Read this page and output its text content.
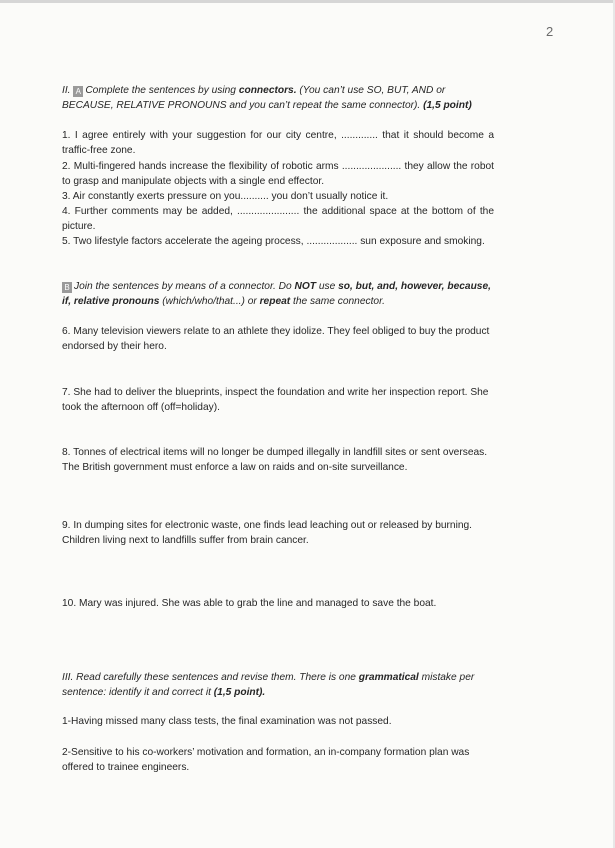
2

II. A Complete the sentences by using connectors. (You can’t use SO, BUT, AND or BECAUSE, RELATIVE PRONOUNS and you can’t repeat the same connector). (1,5 point)

1. I agree entirely with your suggestion for our city centre, ............. that it should become a traffic-free zone.

2. Multi-fingered hands increase the flexibility of robotic arms ..................... they allow the robot to grasp and manipulate objects with a single end effector.

3. Air constantly exerts pressure on you.......... you don’t usually notice it.

4. Further comments may be added, ...................... the additional space at the bottom of the picture.

5. Two lifestyle factors accelerate the ageing process, .................. sun exposure and smoking.

B Join the sentences by means of a connector. Do NOT use so, but, and, however, because, if, relative pronouns (which/who/that...) or repeat the same connector.

6. Many television viewers relate to an athlete they idolize. They feel obliged to buy the product endorsed by their hero.

7. She had to deliver the blueprints, inspect the foundation and write her inspection report. She took the afternoon off (off=holiday).

8. Tonnes of electrical items will no longer be dumped illegally in landfill sites or sent overseas. The British government must enforce a law on raids and on-site surveillance.

9. In dumping sites for electronic waste, one finds lead leaching out or released by burning. Children living next to landfills suffer from brain cancer.

10. Mary was injured. She was able to grab the line and managed to save the boat.

III. Read carefully these sentences and revise them. There is one grammatical mistake per sentence: identify it and correct it (1,5 point).

1-Having missed many class tests, the final examination was not passed.

2-Sensitive to his co-workers’ motivation and formation, an in-company formation plan was offered to trainee engineers.
